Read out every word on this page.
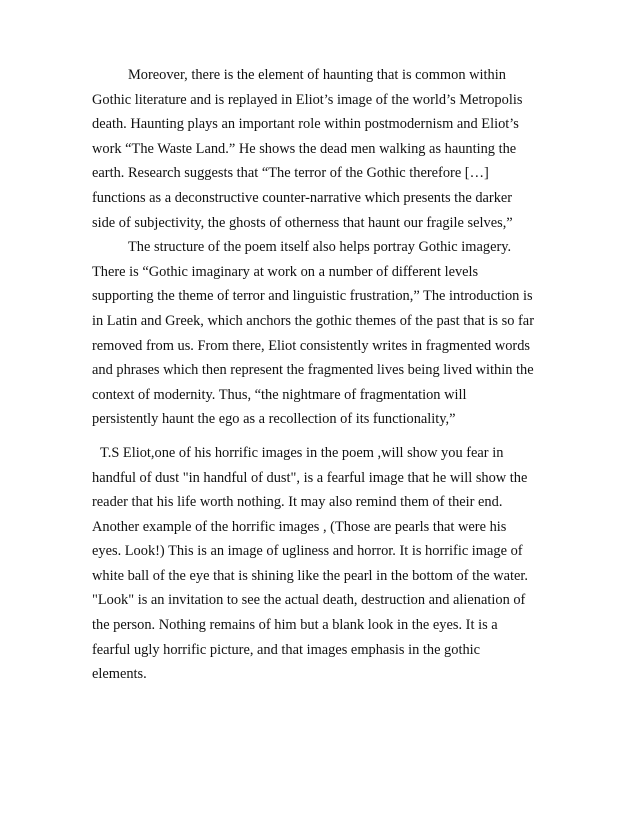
Moreover, there is the element of haunting that is common within
Gothic literature and is replayed in Eliot’s image of the world’s Metropolis
death. Haunting plays an important role within postmodernism and Eliot’s
work “The Waste Land.” He shows the dead men walking as haunting the
earth. Research suggests that “The terror of the Gothic therefore […]
functions as a deconstructive counter-narrative which presents the darker
side of subjectivity, the ghosts of otherness that haunt our fragile selves,”
The structure of the poem itself also helps portray Gothic imagery.
There is “Gothic imaginary at work on a number of different levels
supporting the theme of terror and linguistic frustration,” The introduction is
in Latin and Greek, which anchors the gothic themes of the past that is so far
removed from us. From there, Eliot consistently writes in fragmented words
and phrases which then represent the fragmented lives being lived within the
context of modernity. Thus, “the nightmare of fragmentation will
persistently haunt the ego as a recollection of its functionality,”
T.S Eliot,one of his horrific images in the poem ,will show you fear in
handful of dust "in handful of dust", is a fearful image that he will show the
reader that his life worth nothing. It may also remind them of their end.
Another example of the horrific images , (Those are pearls that were his
eyes. Look!) This is an image of ugliness and horror. It is horrific image of
white ball of the eye that is shining like the pearl in the bottom of the water.
"Look" is an invitation to see the actual death, destruction and alienation of
the person. Nothing remains of him but a blank look in the eyes. It is a
fearful ugly horrific picture, and that images emphasis in the gothic
elements.
